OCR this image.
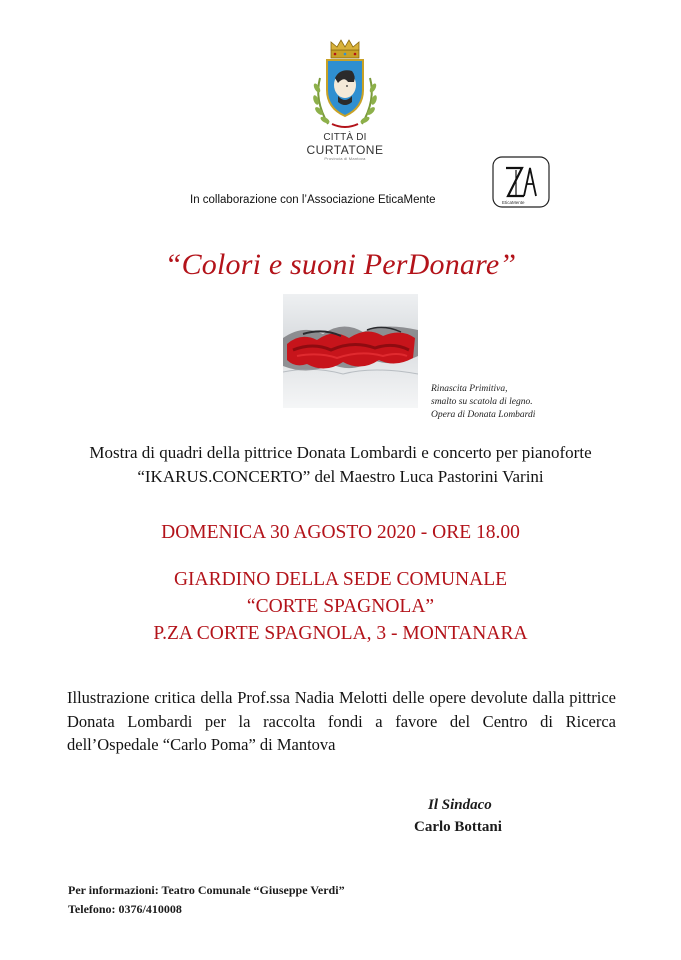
CITTÀ DI
CURTATONE
Provincia di Mantova
In collaborazione con l’Associazione EticaMente	EticaMente
“Colori e suoni PerDonare”
Rinascita Primitiva,
smalto su scatola di legno.
Opera di Donata Lombardi
Mostra di quadri della pittrice Donata Lombardi e concerto per pianoforte
“IKARUS.CONCERTO” del Maestro Luca Pastorini Varini
DOMENICA 30 AGOSTO 2020 - ORE 18.00
GIARDINO DELLA SEDE COMUNALE
“CORTE SPAGNOLA”
P.ZA CORTE SPAGNOLA, 3 - MONTANARA
Illustrazione critica della Prof.ssa Nadia Melotti delle opere devolute dalla pittrice Donata Lombardi per la raccolta fondi a favore del Centro di Ricerca dell’Ospedale “Carlo Poma” di Mantova
Il Sindaco
Carlo Bottani
Per informazioni: Teatro Comunale “Giuseppe Verdi”
Telefono: 0376/410008
